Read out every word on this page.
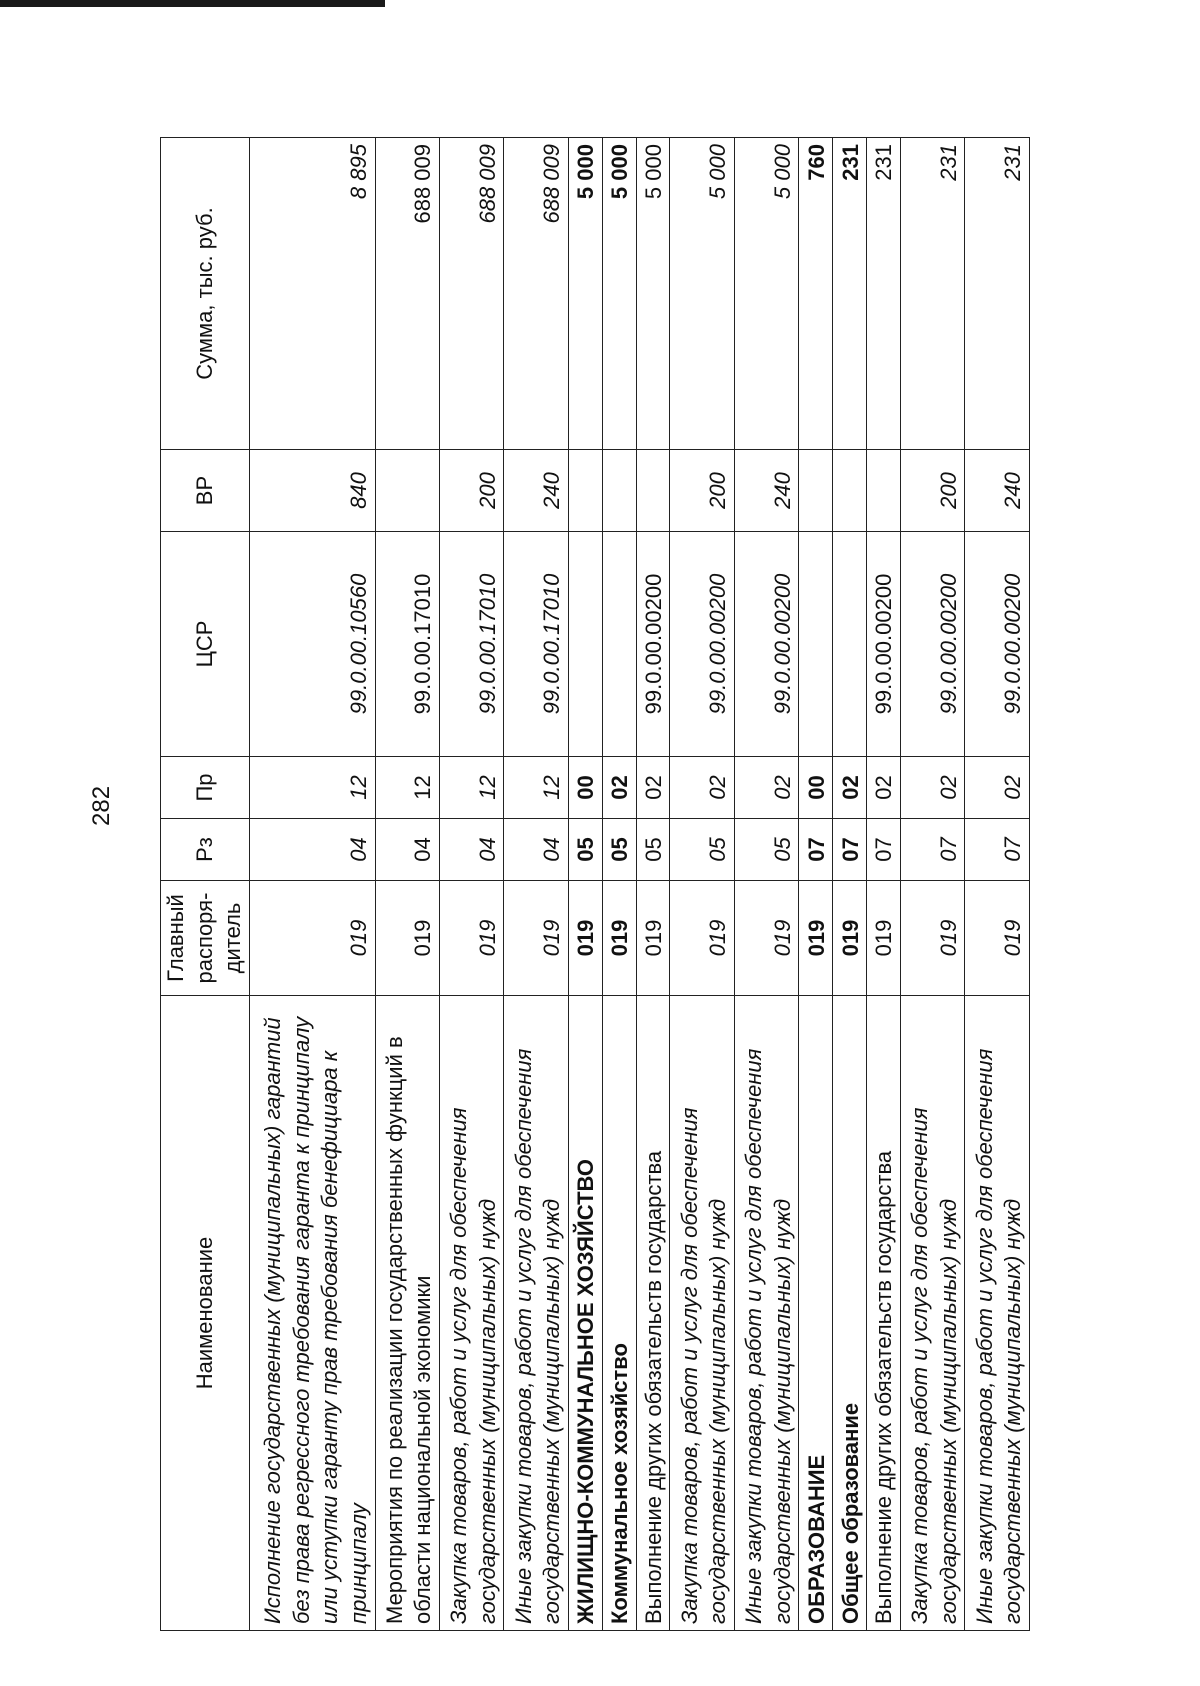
282
Наименование	Главный распоря-дитель	Рз	Пр	ЦСР	ВР	Сумма, тыс. руб.
Исполнение государственных (муниципальных) гарантий без права регрессного требования гаранта к принципалу или уступки гаранту прав требования бенефициара к принципалу	019	04	12	99.0.00.10560	840	8 895
Мероприятия по реализации государственных функций в области национальной экономики	019	04	12	99.0.00.17010		688 009
Закупка товаров, работ и услуг для обеспечения государственных (муниципальных) нужд	019	04	12	99.0.00.17010	200	688 009
Иные закупки товаров, работ и услуг для обеспечения государственных (муниципальных) нужд	019	04	12	99.0.00.17010	240	688 009
ЖИЛИЩНО-КОММУНАЛЬНОЕ ХОЗЯЙСТВО	019	05	00			5 000
Коммунальное хозяйство	019	05	02			5 000
Выполнение других обязательств государства	019	05	02	99.0.00.00200		5 000
Закупка товаров, работ и услуг для обеспечения государственных (муниципальных) нужд	019	05	02	99.0.00.00200	200	5 000
Иные закупки товаров, работ и услуг для обеспечения государственных (муниципальных) нужд	019	05	02	99.0.00.00200	240	5 000
ОБРАЗОВАНИЕ	019	07	00			760
Общее образование	019	07	02			231
Выполнение других обязательств государства	019	07	02	99.0.00.00200		231
Закупка товаров, работ и услуг для обеспечения государственных (муниципальных) нужд	019	07	02	99.0.00.00200	200	231
Иные закупки товаров, работ и услуг для обеспечения государственных (муниципальных) нужд	019	07	02	99.0.00.00200	240	231
